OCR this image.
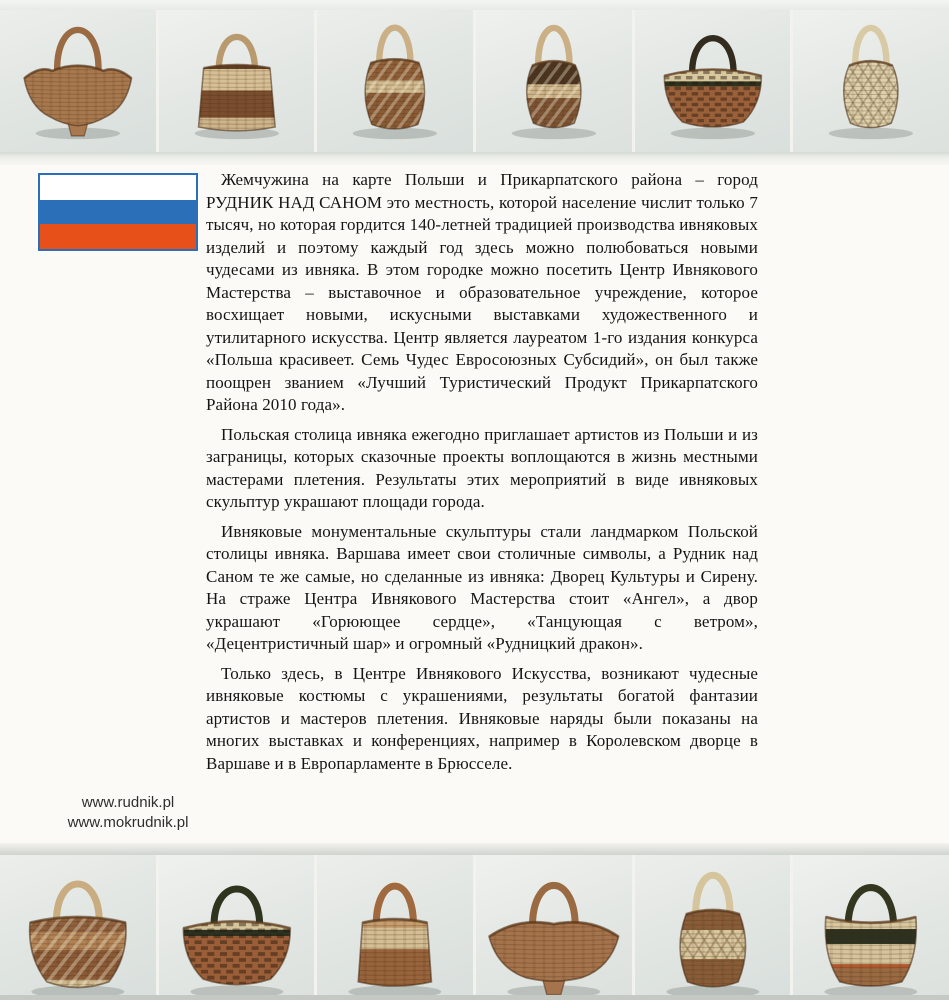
Жемчужина на карте Польши и Прикарпатского района – город РУДНИК НАД САНОМ это местность, которой население числит только 7 тысяч, но которая гордится 140-летней традицией производства ивняковых изделий и поэтому каждый год здесь можно полюбоваться новыми чудесами из ивняка. В этом городке можно посетить Центр Ивнякового Мастерства – выставочное и образовательное учреждение, которое восхищает новыми, искусными выставками художественного и утилитарного искусства. Центр является лауреатом 1-го издания конкурса «Польша красивеет. Семь Чудес Евросоюзных Субсидий», он был также поощрен званием «Лучший Туристический Продукт Прикарпатского Района 2010 года».

Польская столица ивняка ежегодно приглашает артистов из Польши и из заграницы, которых сказочные проекты воплощаются в жизнь местными мастерами плетения. Результаты этих мероприятий в виде ивняковых скульптур украшают площади города.

Ивняковые монументальные скульптуры стали ландмарком Польской столицы ивняка. Варшава имеет свои столичные символы, а Рудник над Саном те же самые, но сделанные из ивняка: Дворец Культуры и Сирену. На страже Центра Ивнякового Мастерства стоит «Ангел», а двор украшают «Горюющее сердце», «Танцующая с ветром», «Децентристичный шар» и огромный «Рудницкий дракон».

Только здесь, в Центре Ивнякового Искусства, возникают чудесные ивняковые костюмы с украшениями, результаты богатой фантазии артистов и мастеров плетения. Ивняковые наряды были показаны на многих выставках и конференциях, например в Королевском дворце в Варшаве и в Европарламенте в Брюсселе.

www.rudnik.pl
www.mokrudnik.pl
